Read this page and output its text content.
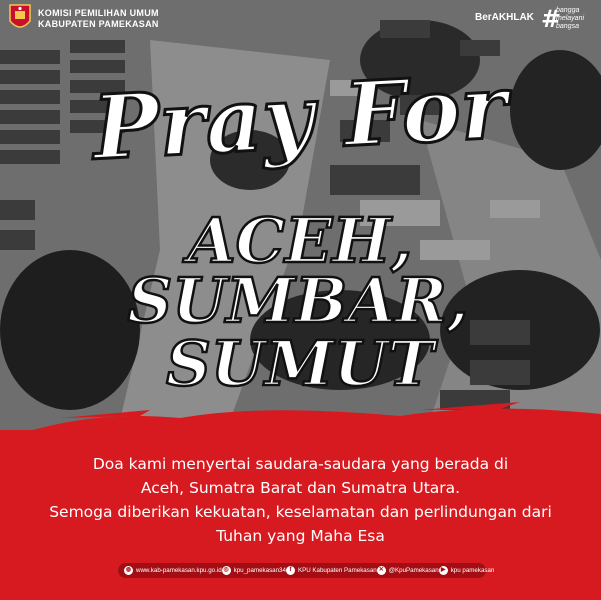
KOMISI PEMILIHAN UMUM
KABUPATEN PAMEKASAN
BerAKHLAK #
bangga
melayani
bangsa
Pray For
ACEH,
SUMBAR,
SUMUT
Doa kami menyertai saudara-saudara yang berada di
Aceh, Sumatra Barat dan Sumatra Utara.
Semoga diberikan kekuatan, keselamatan dan perlindungan dari
Tuhan yang Maha Esa
◍ www.kab-pamekasan.kpu.go.id ◎ kpu_pamekasan34 f	KPU Kabupaten Pamekasan ✕ @KpuPamekasan ▶ kpu pamekasan
